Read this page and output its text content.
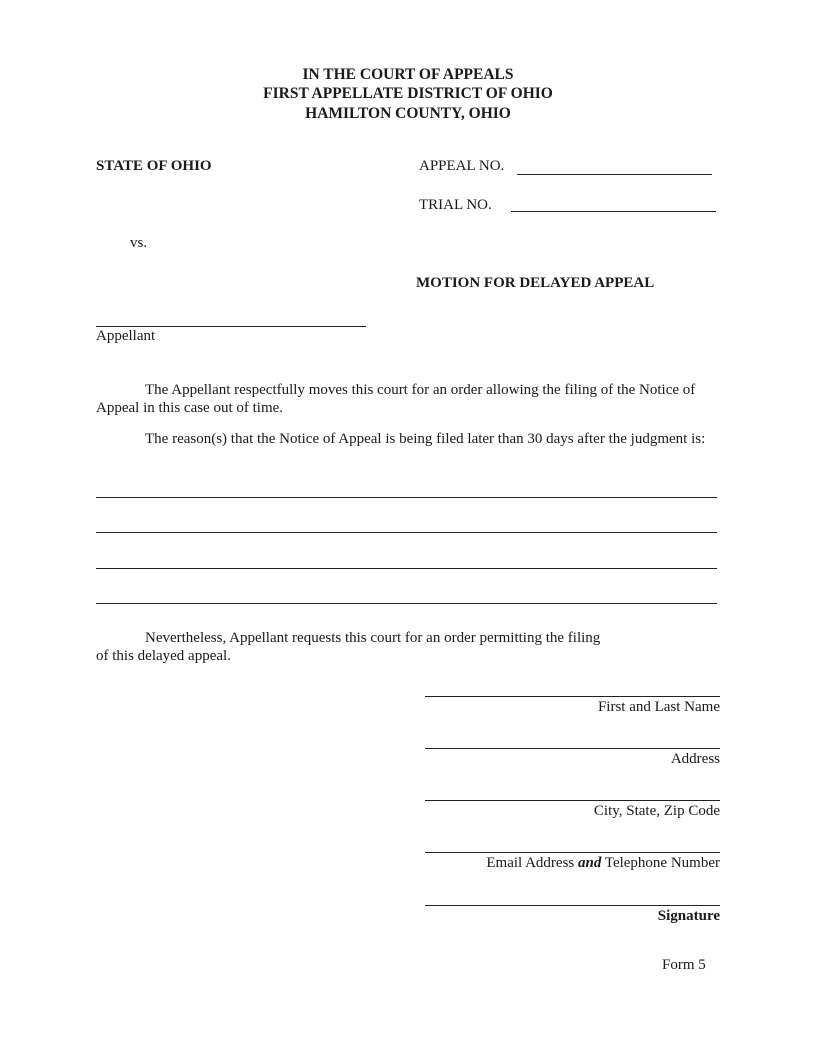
IN THE COURT OF APPEALS
FIRST APPELLATE DISTRICT OF OHIO
HAMILTON COUNTY, OHIO
STATE OF OHIO	APPEAL NO.
TRIAL NO.
vs.
MOTION FOR DELAYED APPEAL
Appellant
The Appellant respectfully moves this court for an order allowing the filing of the Notice of Appeal in this case out of time.
The reason(s) that the Notice of Appeal is being filed later than 30 days after the judgment is:
Nevertheless, Appellant requests this court for an order permitting the filing
of this delayed appeal.
First and Last Name
Address
City, State, Zip Code
Email Address and Telephone Number
Signature
Form 5
